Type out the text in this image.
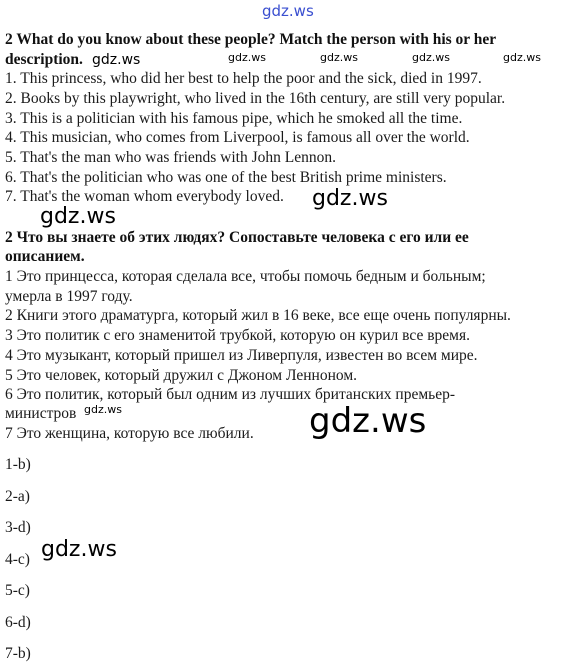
gdz.ws
2 What do you know about these people? Match the person with his or her
description. gdz.ws	gdz.ws	gdz.ws	gdz.ws	gdz.ws
1. This princess, who did her best to help the poor and the sick, died in 1997.
2. Books by this playwright, who lived in the 16th century, are still very popular.
3. This is a politician with his famous pipe, which he smoked all the time.
4. This musician, who comes from Liverpool, is famous all over the world.
5. That's the man who was friends with John Lennon.
6. That's the politician who was one of the best British prime ministers.
7. That's the woman whom everybody loved. gdz.ws
gdz.ws
2 Что вы знаете об этих людях? Сопоставьте человека с его или ее
описанием.
1 Это принцесса, которая сделала все, чтобы помочь бедным и больным;
умерла в 1997 году.
2 Книги этого драматурга, который жил в 16 веке, все еще очень популярны.
3 Это политик с его знаменитой трубкой, которую он курил все время.
4 Это музыкант, который пришел из Ливерпуля, известен во всем мире.
5 Это человек, который дружил с Джоном Ленноном.
6 Это политик, который был одним из лучших британских премьер-
министров gdz.ws
7 Это женщина, которую все любили. gdz.ws
1-b)
2-a)
3-d)
4-c) gdz.ws
5-c)
6-d)
7-b)
